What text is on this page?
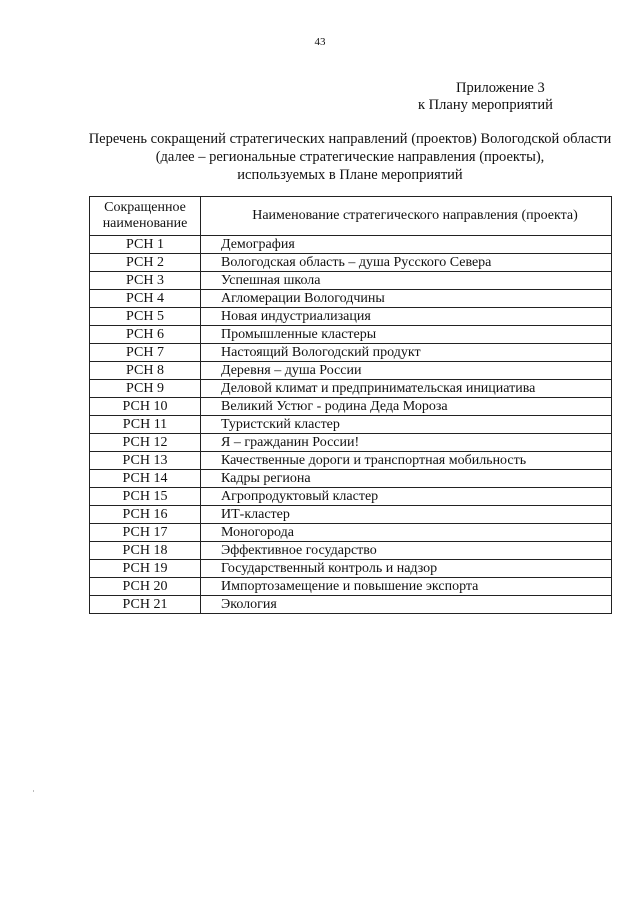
43
Приложение 3
к Плану мероприятий
Перечень сокращений стратегических направлений (проектов) Вологодской области
(далее – региональные стратегические направления (проекты),
используемых в Плане мероприятий
Сокращенное наименование	Наименование стратегического направления (проекта)
РСН 1	Демография
РСН 2	Вологодская область – душа Русского Севера
РСН 3	Успешная школа
РСН 4	Агломерации Вологодчины
РСН 5	Новая индустриализация
РСН 6	Промышленные кластеры
РСН 7	Настоящий Вологодский продукт
РСН 8	Деревня – душа России
РСН 9	Деловой климат и предпринимательская инициатива
РСН 10	Великий Устюг - родина Деда Мороза
РСН 11	Туристский кластер
РСН 12	Я – гражданин России!
РСН 13	Качественные дороги и транспортная мобильность
РСН 14	Кадры региона
РСН 15	Агропродуктовый кластер
РСН 16	ИТ-кластер
РСН 17	Моногорода
РСН 18	Эффективное государство
РСН 19	Государственный контроль и надзор
РСН 20	Импортозамещение и повышение экспорта
РСН 21	Экология
